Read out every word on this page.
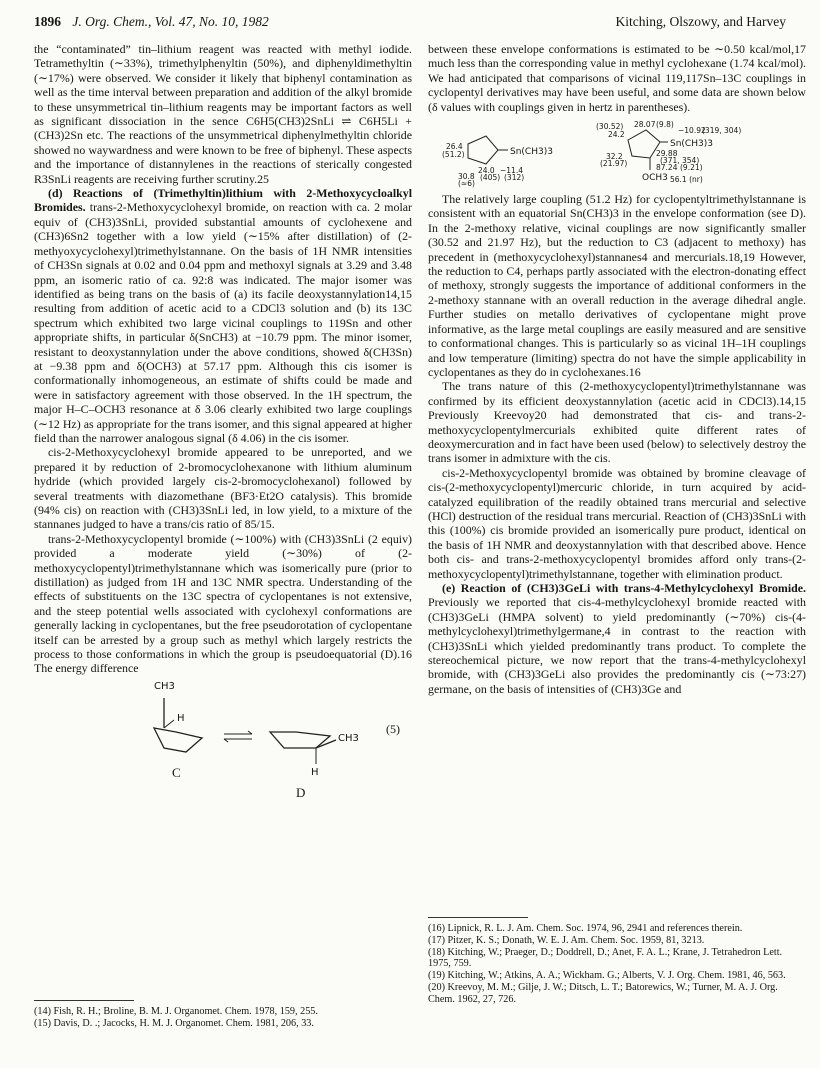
1896 J. Org. Chem., Vol. 47, No. 10, 1982	Kitching, Olszowy, and Harvey

the “contaminated” tin–lithium reagent was reacted with methyl iodide. Tetramethyltin (∼33%), trimethylphenyltin (50%), and diphenyldimethyltin (∼17%) were observed. We consider it likely that biphenyl contamination as well as the time interval between preparation and addition of the alkyl bromide to these unsymmetrical tin–lithium reagents may be important factors as well as significant dissociation in the sence C6H5(CH3)2SnLi ⇌ C6H5Li + (CH3)2Sn etc. The reactions of the unsymmetrical diphenylmethyltin chloride showed no waywardness and were known to be free of biphenyl. These aspects and the importance of distannylenes in the reactions of sterically congested R3SnLi reagents are receiving further scrutiny.25

(d) Reactions of (Trimethyltin)lithium with 2-Methoxycycloalkyl Bromides. trans-2-Methoxycyclohexyl bromide, on reaction with ca. 2 molar equiv of (CH3)3SnLi, provided substantial amounts of cyclohexene and (CH3)6Sn2 together with a low yield (∼15% after distillation) of (2-methyoxycyclohexyl)trimethylstannane. On the basis of 1H NMR intensities of CH3Sn signals at 0.02 and 0.04 ppm and methoxyl signals at 3.29 and 3.48 ppm, an isomeric ratio of ca. 92:8 was indicated. The major isomer was identified as being trans on the basis of (a) its facile deoxystannylation14,15 resulting from addition of acetic acid to a CDCl3 solution and (b) its 13C spectrum which exhibited two large vicinal couplings to 119Sn and other appropriate shifts, in particular δ(SnCH3) at −10.79 ppm. The minor isomer, resistant to deoxystannylation under the above conditions, showed δ(CH3Sn) at −9.38 ppm and δ(OCH3) at 57.17 ppm. Although this cis isomer is conformationally inhomogeneous, an estimate of shifts could be made and were in satisfactory agreement with those observed. In the 1H spectrum, the major H–C–OCH3 resonance at δ 3.06 clearly exhibited two large couplings (∼12 Hz) as appropriate for the trans isomer, and this signal appeared at higher field than the narrower analogous signal (δ 4.06) in the cis isomer.

cis-2-Methoxycyclohexyl bromide appeared to be unreported, and we prepared it by reduction of 2-bromocyclohexanone with lithium aluminum hydride (which provided largely cis-2-bromocyclohexanol) followed by several treatments with diazomethane (BF3·Et2O catalysis). This bromide (94% cis) on reaction with (CH3)3SnLi led, in low yield, to a mixture of the stannanes judged to have a trans/cis ratio of 85/15.

trans-2-Methoxycyclopentyl bromide (∼100%) with (CH3)3SnLi (2 equiv) provided a moderate yield (∼30%) of (2-methoxycyclopentyl)trimethylstannane which was isomerically pure (prior to distillation) as judged from 1H and 13C NMR spectra. Understanding of the effects of substituents on the 13C spectra of cyclopentanes is not extensive, and the steep potential wells associated with cyclohexyl conformations are generally lacking in cyclopentanes, but the free pseudorotation of cyclopentane itself can be arrested by a group such as methyl which largely restricts the process to those conformations in which the group is pseudoequatorial (D).16 The energy difference

CH3
H
CH3
H
C
D
(5)

(14) Fish, R. H.; Broline, B. M. J. Organomet. Chem. 1978, 159, 255.

(15) Davis, D. .; Jacocks, H. M. J. Organomet. Chem. 1981, 206, 33.

between these envelope conformations is estimated to be ∼0.50 kcal/mol,17 much less than the corresponding value in methyl cyclohexane (1.74 kcal/mol). We had anticipated that comparisons of vicinal 119,117Sn–13C couplings in cyclopentyl derivatives may have been useful, and some data are shown below (δ values with couplings given in hertz in parentheses).

26.4
(51.2)	Sn(CH3)3
24.0 −11.4
30.8 (405) (312)
(≈6)
(30.52) 28.07 (9.8)
−10.92
(319, 304)
24.2
Sn(CH3)3
32.2	29.88
(21.97)	(371, 354)
87.24 (9.21)
OCH3 56.1 (nr)

The relatively large coupling (51.2 Hz) for cyclopentyltrimethylstannane is consistent with an equatorial Sn(CH3)3 in the envelope conformation (see D). In the 2-methoxy relative, vicinal couplings are now significantly smaller (30.52 and 21.97 Hz), but the reduction to C3 (adjacent to methoxy) has precedent in (methoxycyclohexyl)stannanes4 and mercurials.18,19 However, the reduction to C4, perhaps partly associated with the electron-donating effect of methoxy, strongly suggests the importance of additional conformers in the 2-methoxy stannane with an overall reduction in the average dihedral angle. Further studies on metallo derivatives of cyclopentane might prove informative, as the large metal couplings are easily measured and are sensitive to conformational changes. This is particularly so as vicinal 1H–1H couplings and low temperature (limiting) spectra do not have the simple applicability in cyclopentanes as they do in cyclohexanes.16

The trans nature of this (2-methoxycyclopentyl)trimethylstannane was confirmed by its efficient deoxystannylation (acetic acid in CDCl3).14,15 Previously Kreevoy20 had demonstrated that cis- and trans-2-methoxycyclopentylmercurials exhibited quite different rates of deoxymercuration and in fact have been used (below) to selectively destroy the trans isomer in admixture with the cis.

cis-2-Methoxycyclopentyl bromide was obtained by bromine cleavage of cis-(2-methoxycyclopentyl)mercuric chloride, in turn acquired by acid-catalyzed equilibration of the readily obtained trans mercurial and selective (HCl) destruction of the residual trans mercurial. Reaction of (CH3)3SnLi with this (100%) cis bromide provided an isomerically pure product, identical on the basis of 1H NMR and deoxystannylation with that described above. Hence both cis- and trans-2-methoxycyclopentyl bromides afford only trans-(2-methoxycyclopentyl)trimethylstannane, together with elimination product.

(e) Reaction of (CH3)3GeLi with trans-4-Methylcyclohexyl Bromide. Previously we reported that cis-4-methylcyclohexyl bromide reacted with (CH3)3GeLi (HMPA solvent) to yield predominantly (∼70%) cis-(4-methylcyclohexyl)trimethylgermane,4 in contrast to the reaction with (CH3)3SnLi which yielded predominantly trans product. To complete the stereochemical picture, we now report that the trans-4-methylcyclohexyl bromide, with (CH3)3GeLi also provides the predominantly cis (∼73:27) germane, on the basis of intensities of (CH3)3Ge and

(16) Lipnick, R. L. J. Am. Chem. Soc. 1974, 96, 2941 and references therein.

(17) Pitzer, K. S.; Donath, W. E. J. Am. Chem. Soc. 1959, 81, 3213.

(18) Kitching, W.; Praeger, D.; Doddrell, D.; Anet, F. A. L.; Krane, J. Tetrahedron Lett. 1975, 759.

(19) Kitching, W.; Atkins, A. A.; Wickham. G.; Alberts, V. J. Org. Chem. 1981, 46, 563.

(20) Kreevoy, M. M.; Gilje, J. W.; Ditsch, L. T.; Batorewics, W.; Turner, M. A. J. Org. Chem. 1962, 27, 726.
